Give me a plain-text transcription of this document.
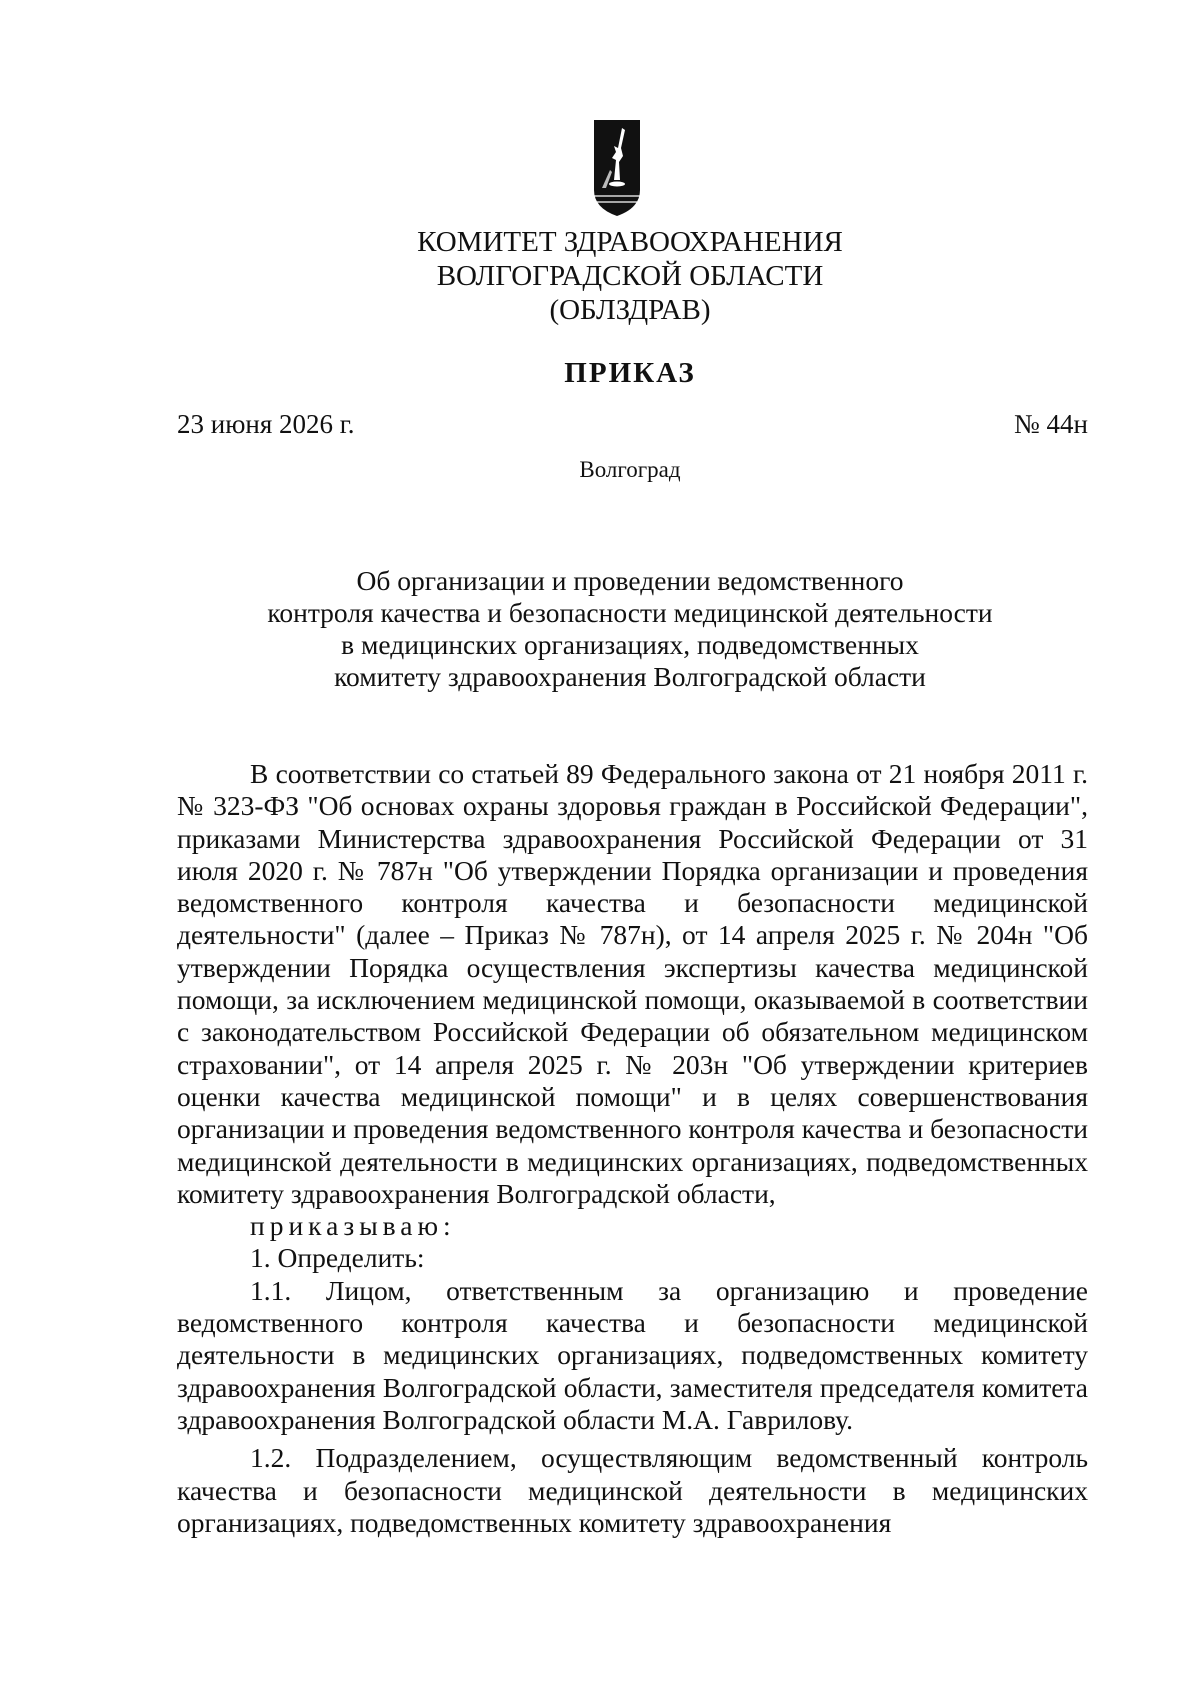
КОМИТЕТ ЗДРАВООХРАНЕНИЯ
ВОЛГОГРАДСКОЙ ОБЛАСТИ
(ОБЛЗДРАВ)
ПРИКАЗ
23 июня 2026 г.	№ 44н
Волгоград
Об организации и проведении ведомственного
контроля качества и безопасности медицинской деятельности
в медицинских организациях, подведомственных
комитету здравоохранения Волгоградской области

В соответствии со статьей 89 Федерального закона от 21 ноября 2011 г. № 323-ФЗ "Об основах охраны здоровья граждан в Российской Федерации", приказами Министерства здравоохранения Российской Федерации от 31 июля 2020 г. № 787н "Об утверждении Порядка организации и проведения ведомственного контроля качества и безопасности медицинской деятельности" (далее – Приказ № 787н), от 14 апреля 2025 г. № 204н "Об утверждении Порядка осуществления экспертизы качества медицинской помощи, за исключением медицинской помощи, оказываемой в соответствии с законодательством Российской Федерации об обязательном медицинском страховании", от 14 апреля 2025 г. № 203н "Об утверждении критериев оценки качества медицинской помощи" и в целях совершенствования организации и проведения ведомственного контроля качества и безопасности медицинской деятельности в медицинских организациях, подведомственных комитету здравоохранения Волгоградской области,

приказываю:

1. Определить:

1.1. Лицом, ответственным за организацию и проведение ведомственного контроля качества и безопасности медицинской деятельности в медицинских организациях, подведомственных комитету здравоохранения Волгоградской области, заместителя председателя комитета здравоохранения Волгоградской области М.А. Гаврилову.

1.2. Подразделением, осуществляющим ведомственный контроль качества и безопасности медицинской деятельности в медицинских организациях, подведомственных комитету здравоохранения
